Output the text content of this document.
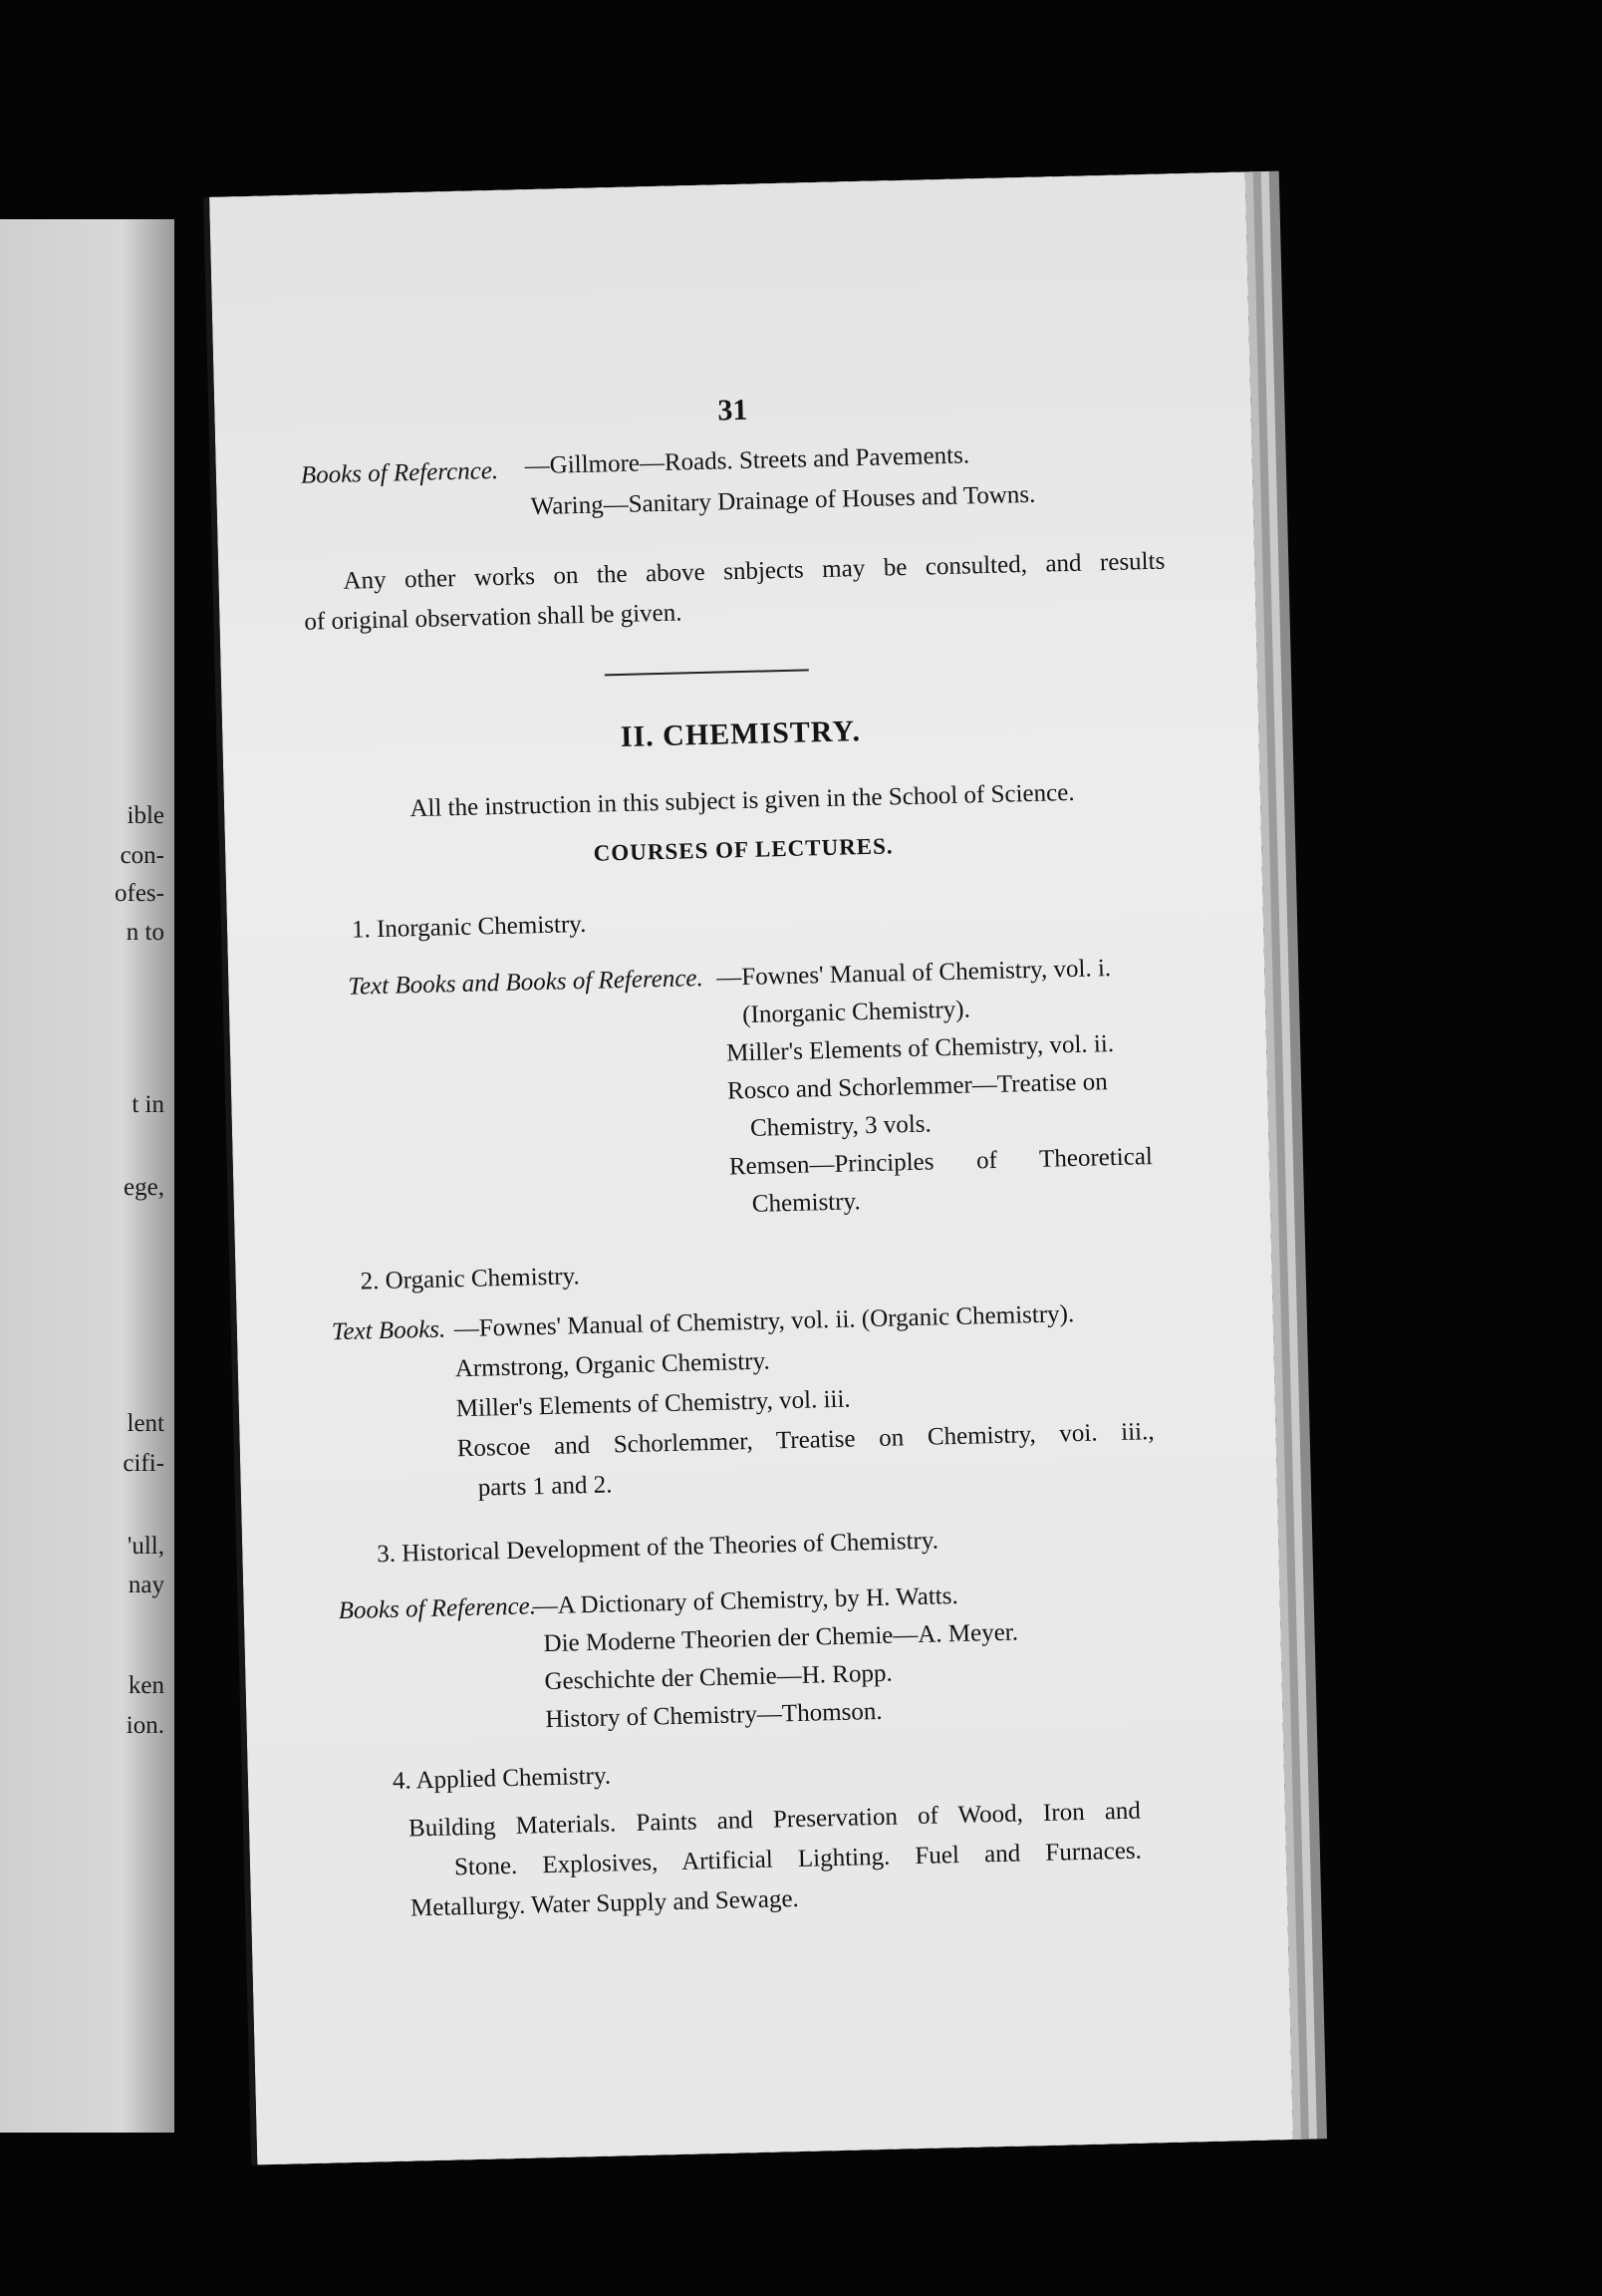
ible
con-
ofes-
n to
t in
ege,
lent
cifi-
'ull,
nay
ken
ion.
31
Books of Refercnce. —Gillmore—Roads. Streets and Pavements.
Waring—Sanitary Drainage of Houses and Towns.
Any other works on the above snbjects may be consulted, and results
of original observation shall be given.
II. CHEMISTRY.
All the instruction in this subject is given in the School of Science.
COURSES OF LECTURES.
1. Inorganic Chemistry.
Text Books and Books of Reference. —Fownes' Manual of Chemistry, vol. i.
(Inorganic Chemistry).
Miller's Elements of Chemistry, vol. ii.
Rosco and Schorlemmer—Treatise on
Chemistry, 3 vols.
Remsen—Principles of Theoretical
Chemistry.
2. Organic Chemistry.
Text Books. —Fownes' Manual of Chemistry, vol. ii. (Organic Chemistry).
Armstrong, Organic Chemistry.
Miller's Elements of Chemistry, vol. iii.
Roscoe and Schorlemmer, Treatise on Chemistry, voi. iii.,
parts 1 and 2.
3. Historical Development of the Theories of Chemistry.
Books of Reference.
—A Dictionary of Chemistry, by H. Watts.
Die Moderne Theorien der Chemie—A. Meyer.
Geschichte der Chemie—H. Ropp.
History of Chemistry—Thomson.
4. Applied Chemistry.
Building Materials. Paints and Preservation of Wood, Iron and
Stone. Explosives, Artificial Lighting. Fuel and Furnaces.
Metallurgy. Water Supply and Sewage.
